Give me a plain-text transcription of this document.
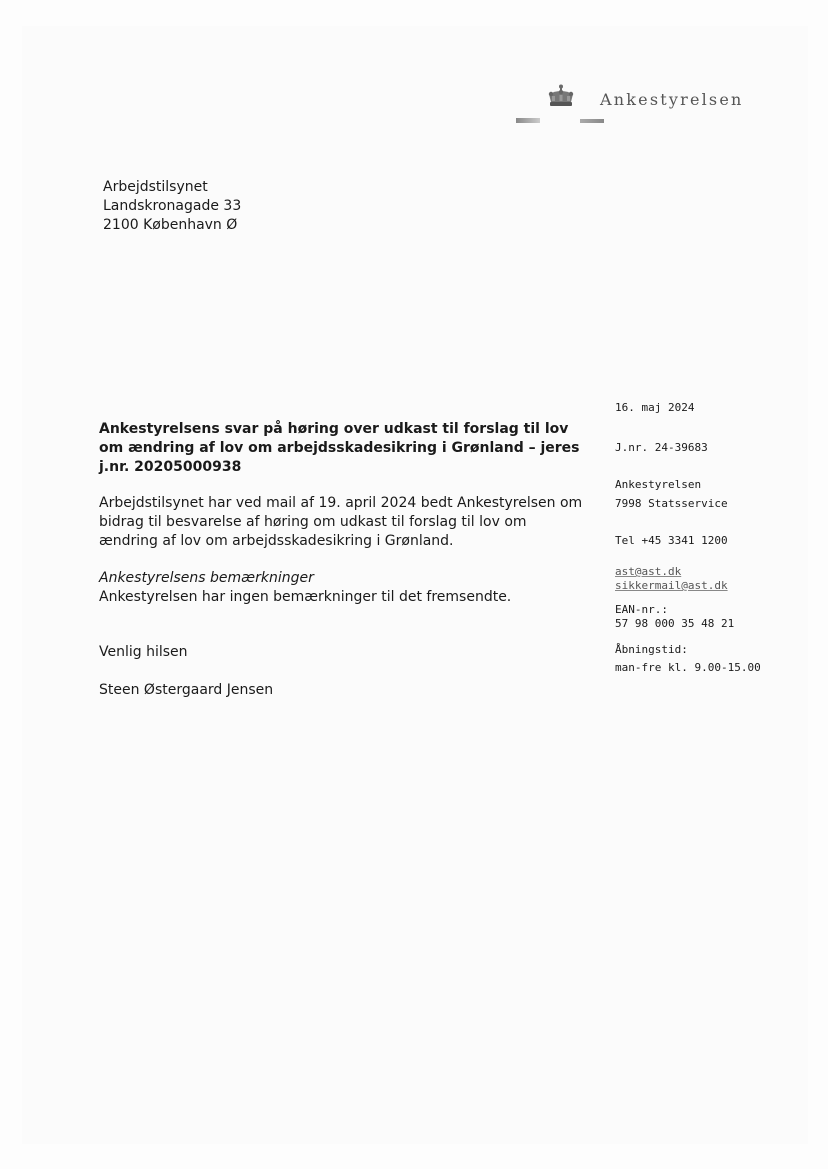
Ankestyrelsen
Arbejdstilsynet
Landskronagade 33
2100 København Ø
Ankestyrelsens svar på høring over udkast til forslag til lov om ændring af lov om arbejdsskadesikring i Grønland – jeres j.nr. 20205000938
Arbejdstilsynet har ved mail af 19. april 2024 bedt Ankestyrelsen om bidrag til besvarelse af høring om udkast til forslag til lov om ændring af lov om arbejdsskadesikring i Grønland.
Ankestyrelsens bemærkninger
Ankestyrelsen har ingen bemærkninger til det fremsendte.
Venlig hilsen
Steen Østergaard Jensen
16. maj 2024
J.nr. 24-39683
Ankestyrelsen
7998 Statsservice
Tel +45 3341 1200
ast@ast.dk
sikkermail@ast.dk
EAN-nr.:
57 98 000 35 48 21
Åbningstid:
man-fre kl. 9.00-15.00
